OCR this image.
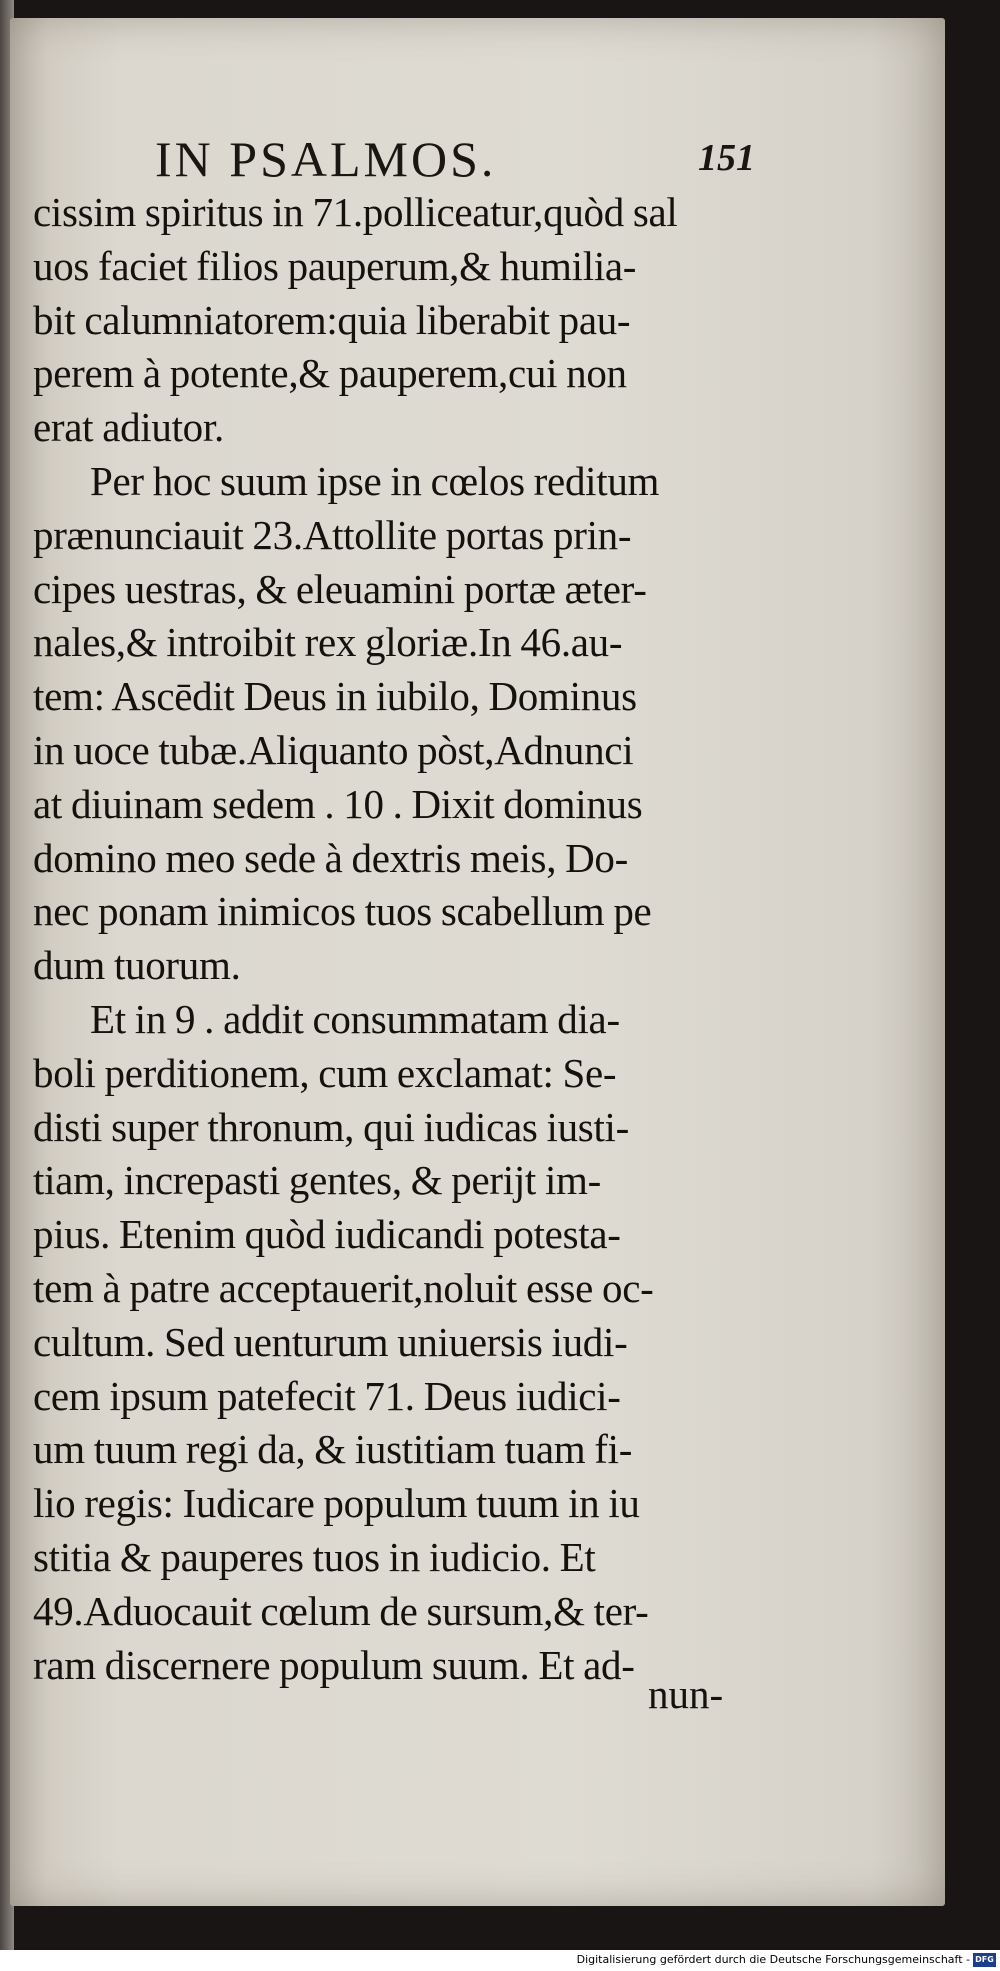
IN PSALMOS.	151
cissim spiritus in 71.polliceatur,quòd sal
uos faciet filios pauperum,& humilia-
bit calumniatorem:quia liberabit pau-
perem à potente,& pauperem,cui non
erat adiutor.
Per hoc suum ipse in cœlos reditum
prænunciauit 23.Attollite portas prin-
cipes uestras, & eleuamini portæ æter-
nales,& introibit rex gloriæ.In 46.au-
tem: Ascēdit Deus in iubilo, Dominus
in uoce tubæ.Aliquanto pòst,Adnunci
at diuinam sedem . 10 . Dixit dominus
domino meo sede à dextris meis, Do-
nec ponam inimicos tuos scabellum pe
dum tuorum.
Et in 9 . addit consummatam dia-
boli perditionem, cum exclamat: Se-
disti super thronum, qui iudicas iusti-
tiam, increpasti gentes, & perijt im-
pius. Etenim quòd iudicandi potesta-
tem à patre acceptauerit,noluit esse oc-
cultum. Sed uenturum uniuersis iudi-
cem ipsum patefecit 71. Deus iudici-
um tuum regi da, & iustitiam tuam fi-
lio regis: Iudicare populum tuum in iu
stitia & pauperes tuos in iudicio. Et
49.Aduocauit cœlum de sursum,& ter-
ram discernere populum suum. Et ad-
nun-
Digitalisierung gefördert durch die Deutsche Forschungsgemeinschaft - DFG
